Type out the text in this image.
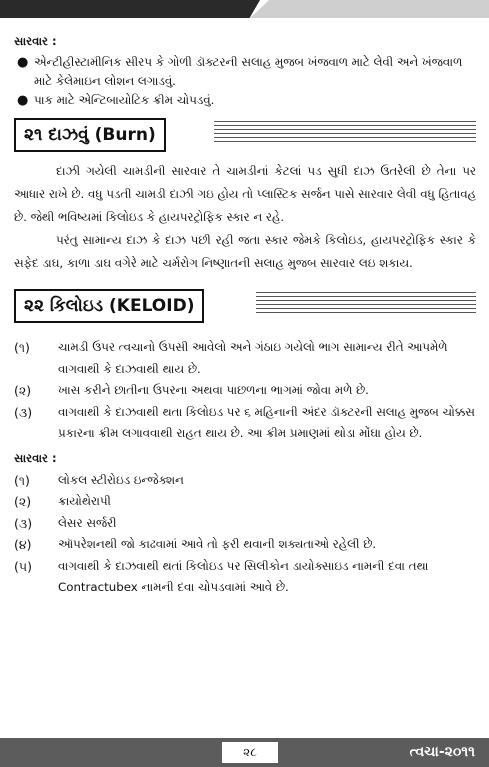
સારવાર :
● એન્ટીહીસ્ટામીનિક સીરપ કે ગોળી ડૉક્ટરની સલાહ મુજબ ખંજવાળ માટે લેવી અને ખંજવાળ માટે કેલેમાઇન લોશન લગાડવું.
● પાક માટે એન્ટિબાયોટિક ક્રીમ ચોપડવું.
૨૧ દાઝવું (Burn)

દાઝી ગયેલી ચામડીની સારવાર તે ચામડીનાં કેટલાં પડ સુધી દાઝ ઉતરેલી છે તેના પર આધાર રાખે છે. વધુ પડતી ચામડી દાઝી ગઇ હોય તો પ્લાસ્ટિક સર્જન પાસે સારવાર લેવી વધુ હિતાવહ છે. જેથી ભવિષ્યમાં કિલોઇડ કે હાયપરટ્રોફિક સ્કાર ન રહે.

પરંતુ સામાન્ય દાઝ કે દાઝ પછી રહી જતા સ્કાર જેમકે કિલોઇડ, હાયપરટ્રોફિક સ્કાર કે સફેદ ડાઘ, કાળા ડાઘ વગેરે માટે ચર્મરોગ નિષ્ણાતની સલાહ મુજબ સારવાર લઇ શકાય.

૨૨ કિલોઇડ (KELOID)
(૧) ચામડી ઉપર ત્વચાનો ઉપસી આવેલો અને ગંઠાઇ ગયેલો ભાગ સામાન્ય રીતે આપમેળે વાગવાથી કે દાઝવાથી થાય છે.
(૨) ખાસ કરીને છાતીના ઉપરના અથવા પાછળના ભાગમાં જોવા મળે છે.
(૩) વાગવાથી કે દાઝવાથી થતા કિલોઇડ પર ૬ મહિનાની અંદર ડૉક્ટરની સલાહ મુજબ ચોક્કસ પ્રકારના ક્રીમ લગાવવાથી રાહત થાય છે. આ ક્રીમ પ્રમાણમાં થોડા મોંઘા હોય છે.
સારવાર :
(૧) લોકલ સ્ટીરોઇડ ઇન્જેક્શન
(૨) ક્રાયોથેરાપી
(૩) લેસર સર્જરી
(૪) ઑપરેશનથી જો કાઢવામાં આવે તો ફરી થવાની શક્યતાઓ રહેલી છે.
(૫) વાગવાથી કે દાઝવાથી થતાં કિલોઇડ પર સિલીકોન ડાયોક્સાઇડ નામની દવા તથા Contractubex નામની દવા ચોપડવામાં આવે છે.
૨૮	ત્વચા-૨૦૧૧
